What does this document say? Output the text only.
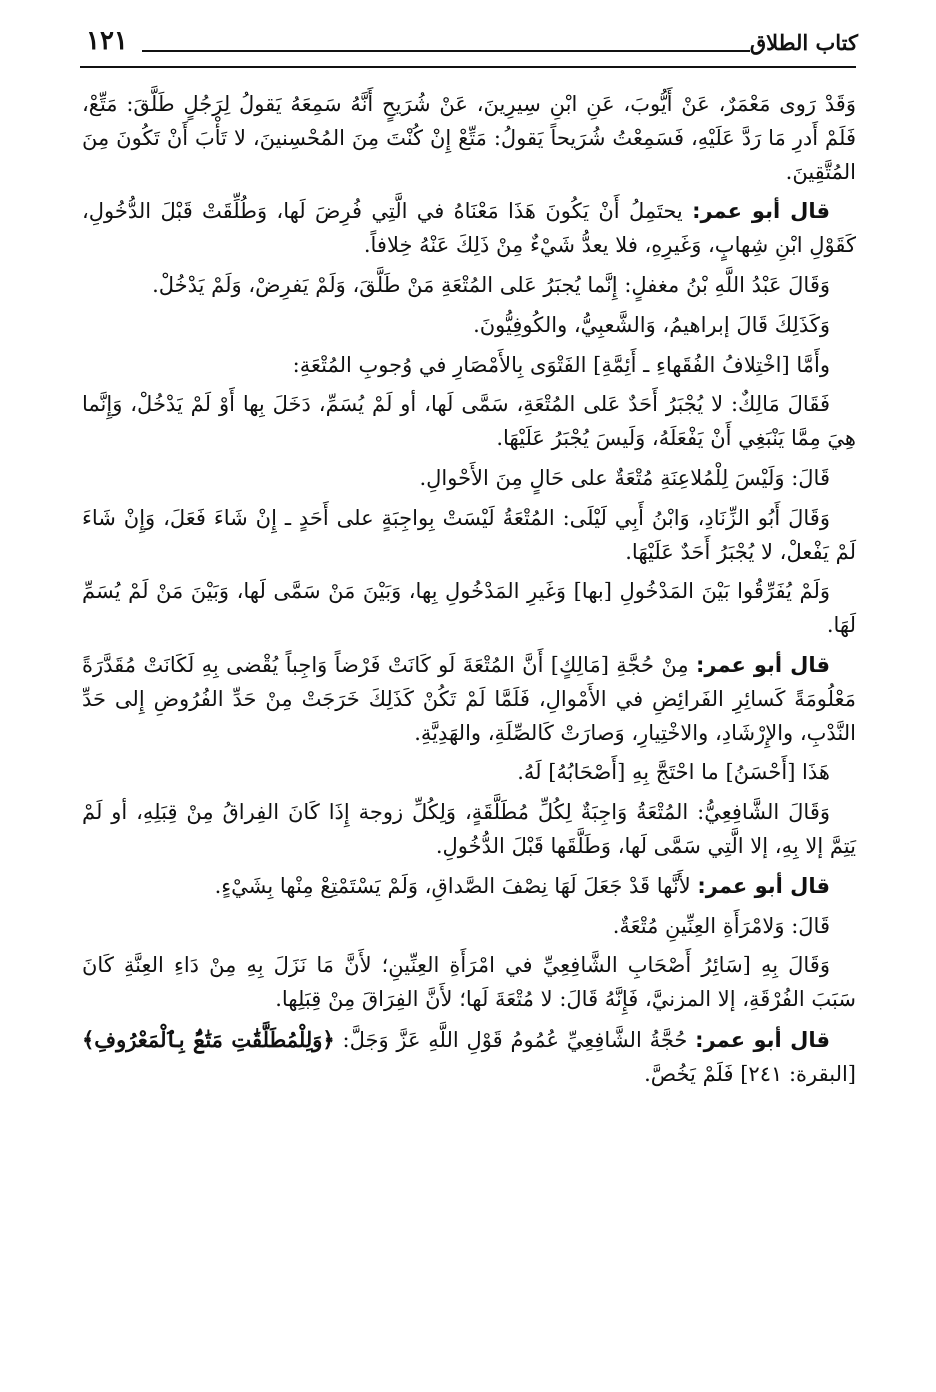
كتاب الطلاق
١٢١

وَقَدْ رَوى مَعْمَرٌ، عَنْ أَيُّوبَ، عَنِ ابْنِ سِيرِينَ، عَنْ شُرَيحٍ أَنَّهُ سَمِعَهُ يَقولُ لِرَجُلٍ طَلَّقَ: مَتِّعْ، فَلَمْ أَدرِ مَا رَدَّ عَلَيْهِ، فَسَمِعْتُ شُرَيحاً يَقولُ: مَتِّعْ إِنْ كُنْتَ مِنَ المُحْسِنينَ، لا تَأْبَ أَنْ تَكُونَ مِنَ المُتَّقِينَ.

قال أبو عمر: يحتَمِلُ أَنْ يَكُونَ هَذَا مَعْنَاهُ في الَّتِي فُرِضَ لَها، وَطُلِّقَتْ قَبْلَ الدُّخُولِ، كَقَوْلِ ابْنِ شِهابٍ، وَغَيرِهِ، فلا يعدُّ شَيْءٌ مِنْ ذَلِكَ عَنْهُ خِلافاً.

وَقَالَ عَبْدُ اللَّهِ بْنُ مغفلٍ: إِنَّما يُجبَرُ عَلى المُتْعَةِ مَنْ طَلَّقَ، وَلَمْ يَفرِضْ، وَلَمْ يَدْخُلْ.

وَكَذَلِكَ قَالَ إبراهيمُ، وَالشَّعبِيُّ، والكُوفِيُّونَ.

وأَمَّا [اخْتِلافُ الفُقَهاءِ ـ أَئِمَّةِ] الفَتْوَى بِالأَمْصَارِ في وُجوبِ المُتْعَةِ:

فَقَالَ مَالِكٌ: لا يُجْبَرُ أَحَدٌ عَلى المُتْعَةِ، سَمَّى لَها، أو لَمْ يُسَمِّ، دَخَلَ بِها أَوْ لَمْ يَدْخُلْ، وَإِنَّما هِيَ مِمَّا يَنْبَغِي أَنْ يَفْعَلَهُ، وَلَيسَ يُجْبَرُ عَلَيْهَا.

قَالَ: وَلَيْسَ لِلْمُلاعِنَةِ مُتْعَةٌ على حَالٍ مِنَ الأَحْوالِ.

وَقَالَ أَبُو الزِّنَادِ، وَابْنُ أَبِي لَيْلَى: المُتْعَةُ لَيْسَتْ بِواجِبَةٍ على أَحَدٍ ـ إِنْ شَاءَ فَعَلَ، وَإِنْ شَاءَ لَمْ يَفْعلْ، لا يُجْبَرُ أَحَدٌ عَلَيْهَا.

وَلَمْ يُفَرِّقُوا بَيْنَ المَدْخُولِ [بها] وَغَيرِ المَدْخُولِ بِها، وَبَيْنَ مَنْ سَمَّى لَها، وَبَيْنَ مَنْ لَمْ يُسَمِّ لَهَا.

قال أبو عمر: مِنْ حُجَّةِ [مَالِكٍ] أَنَّ المُتْعَةَ لَو كَانَتْ فَرْضاً وَاجِباً يُقْضى بِهِ لَكَانَتْ مُقَدَّرَةً مَعْلُومَةً كَسائِرِ الفَرائِضِ في الأَمْوالِ، فَلَمَّا لَمْ تَكُنْ كَذَلِكَ خَرَجَتْ مِنْ حَدِّ الفُرُوضِ إِلى حَدِّ النَّدْبِ، والإِرْشَادِ، والاخْتِيارِ، وَصارَتْ كَالصِّلَةِ، والهَدِيَّةِ.

هَذَا [أَحْسَنُ] ما احْتَجَّ بِهِ [أَصْحَابُهُ] لَهُ.

وَقَالَ الشَّافِعِيُّ: المُتْعَةُ وَاجِبَةٌ لِكُلِّ مُطَلَّقَةٍ، وَلِكُلِّ زوجة إِذَا كَانَ الفِراقُ مِنْ قِبَلِهِ، أو لَمْ يَتِمَّ إلا بِهِ، إلا الَّتِي سَمَّى لَها، وَطَلَّقَها قَبْلَ الدُّخُولِ.

قال أبو عمر: لأَنَّها قَدْ جَعَلَ لَهَا نِصْفَ الصَّداقِ، وَلَمْ يَسْتَمْتِعْ مِنْها بِشَيْءٍ.

قَالَ: وَلامْرَأَةِ العِنِّينِ مُتْعَةٌ.

وَقَالَ بِهِ [سَائِرُ أَصْحَابِ الشَّافِعِيِّ في امْرَأَةِ العِنِّينِ؛ لأَنَّ مَا نَزَلَ بِهِ مِنْ دَاءِ العِنَّةِ كَانَ سَبَبَ الفُرْقَةِ، إلا المزنيَّ، فَإِنَّهُ قَالَ: لا مُتْعَةَ لَها؛ لأَنَّ الفِرَاقَ مِنْ قِبَلِها.

قال أبو عمر: حُجَّةُ الشَّافِعِيِّ عُمُومُ قَوْلِ اللَّهِ عَزَّ وَجَلَّ: ﴿وَلِلْمُطَلَّقَٰتِ مَتَٰعٌۢ بِٱلْمَعْرُوفِ﴾ [البقرة: ٢٤١] فَلَمْ يَخُصَّ.
